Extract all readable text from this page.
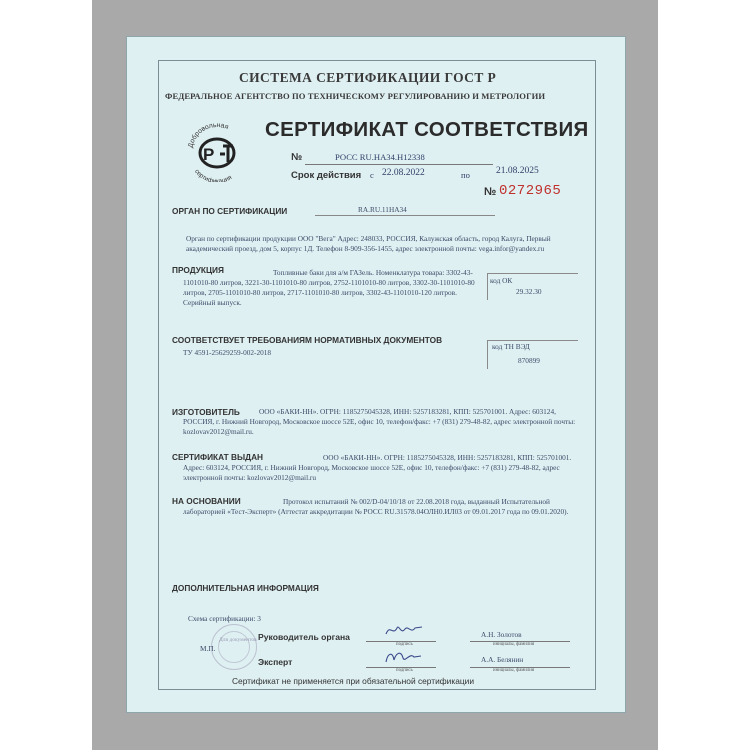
СИСТЕМА СЕРТИФИКАЦИИ ГОСТ Р
ФЕДЕРАЛЬНОЕ АГЕНТСТВО ПО ТЕХНИЧЕСКОМУ РЕГУЛИРОВАНИЮ И МЕТРОЛОГИИ
Добровольная
сертификация
P
СЕРТИФИКАТ СООТВЕТСТВИЯ
№	РОСС RU.HA34.H12338
Срок действия с 22.08.2022	по	21.08.2025
№ 0272965
ОРГАН ПО СЕРТИФИКАЦИИ	RA.RU.11HA34
Орган по сертификации продукции ООО "Вега" Адрес: 248033, РОССИЯ, Калужская область, город Калуга, Первый академический проезд, дом 5, корпус 1Д. Телефон 8-909-356-1455, адрес электронной почты: vega.infor@yandex.ru
ПРОДУКЦИЯ	Топливные баки для а/м ГАЗель. Номенклатура товара: 3302-43-1101010-80 литров, 3221-30-1101010-80 литров, 2752-1101010-80 литров, 3302-30-1101010-80 литров, 2705-1101010-80 литров, 2717-1101010-80 литров, 3302-43-1101010-120 литров. Серийный выпуск.
код ОК
29.32.30
СООТВЕТСТВУЕТ ТРЕБОВАНИЯМ НОРМАТИВНЫХ ДОКУМЕНТОВ
ТУ 4591-25629259-002-2018
код ТН ВЭД
870899
ИЗГОТОВИТЕЛЬ	ООО «БАКИ-НН». ОГРН: 1185275045328, ИНН: 5257183281, КПП: 525701001. Адрес: 603124, РОССИЯ, г. Нижний Новгород, Московское шоссе 52Е, офис 10, телефон/факс: +7 (831) 279-48-82, адрес электронной почты: kozlovav2012@mail.ru.
СЕРТИФИКАТ ВЫДАН	ООО «БАКИ-НН». ОГРН: 1185275045328, ИНН: 5257183281, КПП: 525701001. Адрес: 603124, РОССИЯ, г. Нижний Новгород, Московское шоссе 52Е, офис 10, телефон/факс: +7 (831) 279-48-82, адрес электронной почты: kozlovav2012@mail.ru
НА ОСНОВАНИИ	Протокол испытаний № 002/D-04/10/18 от 22.08.2018 года, выданный Испытательной лабораторией «Тест-Эксперт» (Аттестат аккредитации № РОСС RU.31578.04ОЛН0.ИЛ03 от 09.01.2017 года по 09.01.2020).
ДОПОЛНИТЕЛЬНАЯ ИНФОРМАЦИЯ
Схема сертификации: 3
Для документов
М.П.
Руководитель органа
подпись
А.Н. Золотов
инициалы, фамилия
Эксперт
подпись
А.А. Белянин
инициалы, фамилия
Сертификат не применяется при обязательной сертификации
